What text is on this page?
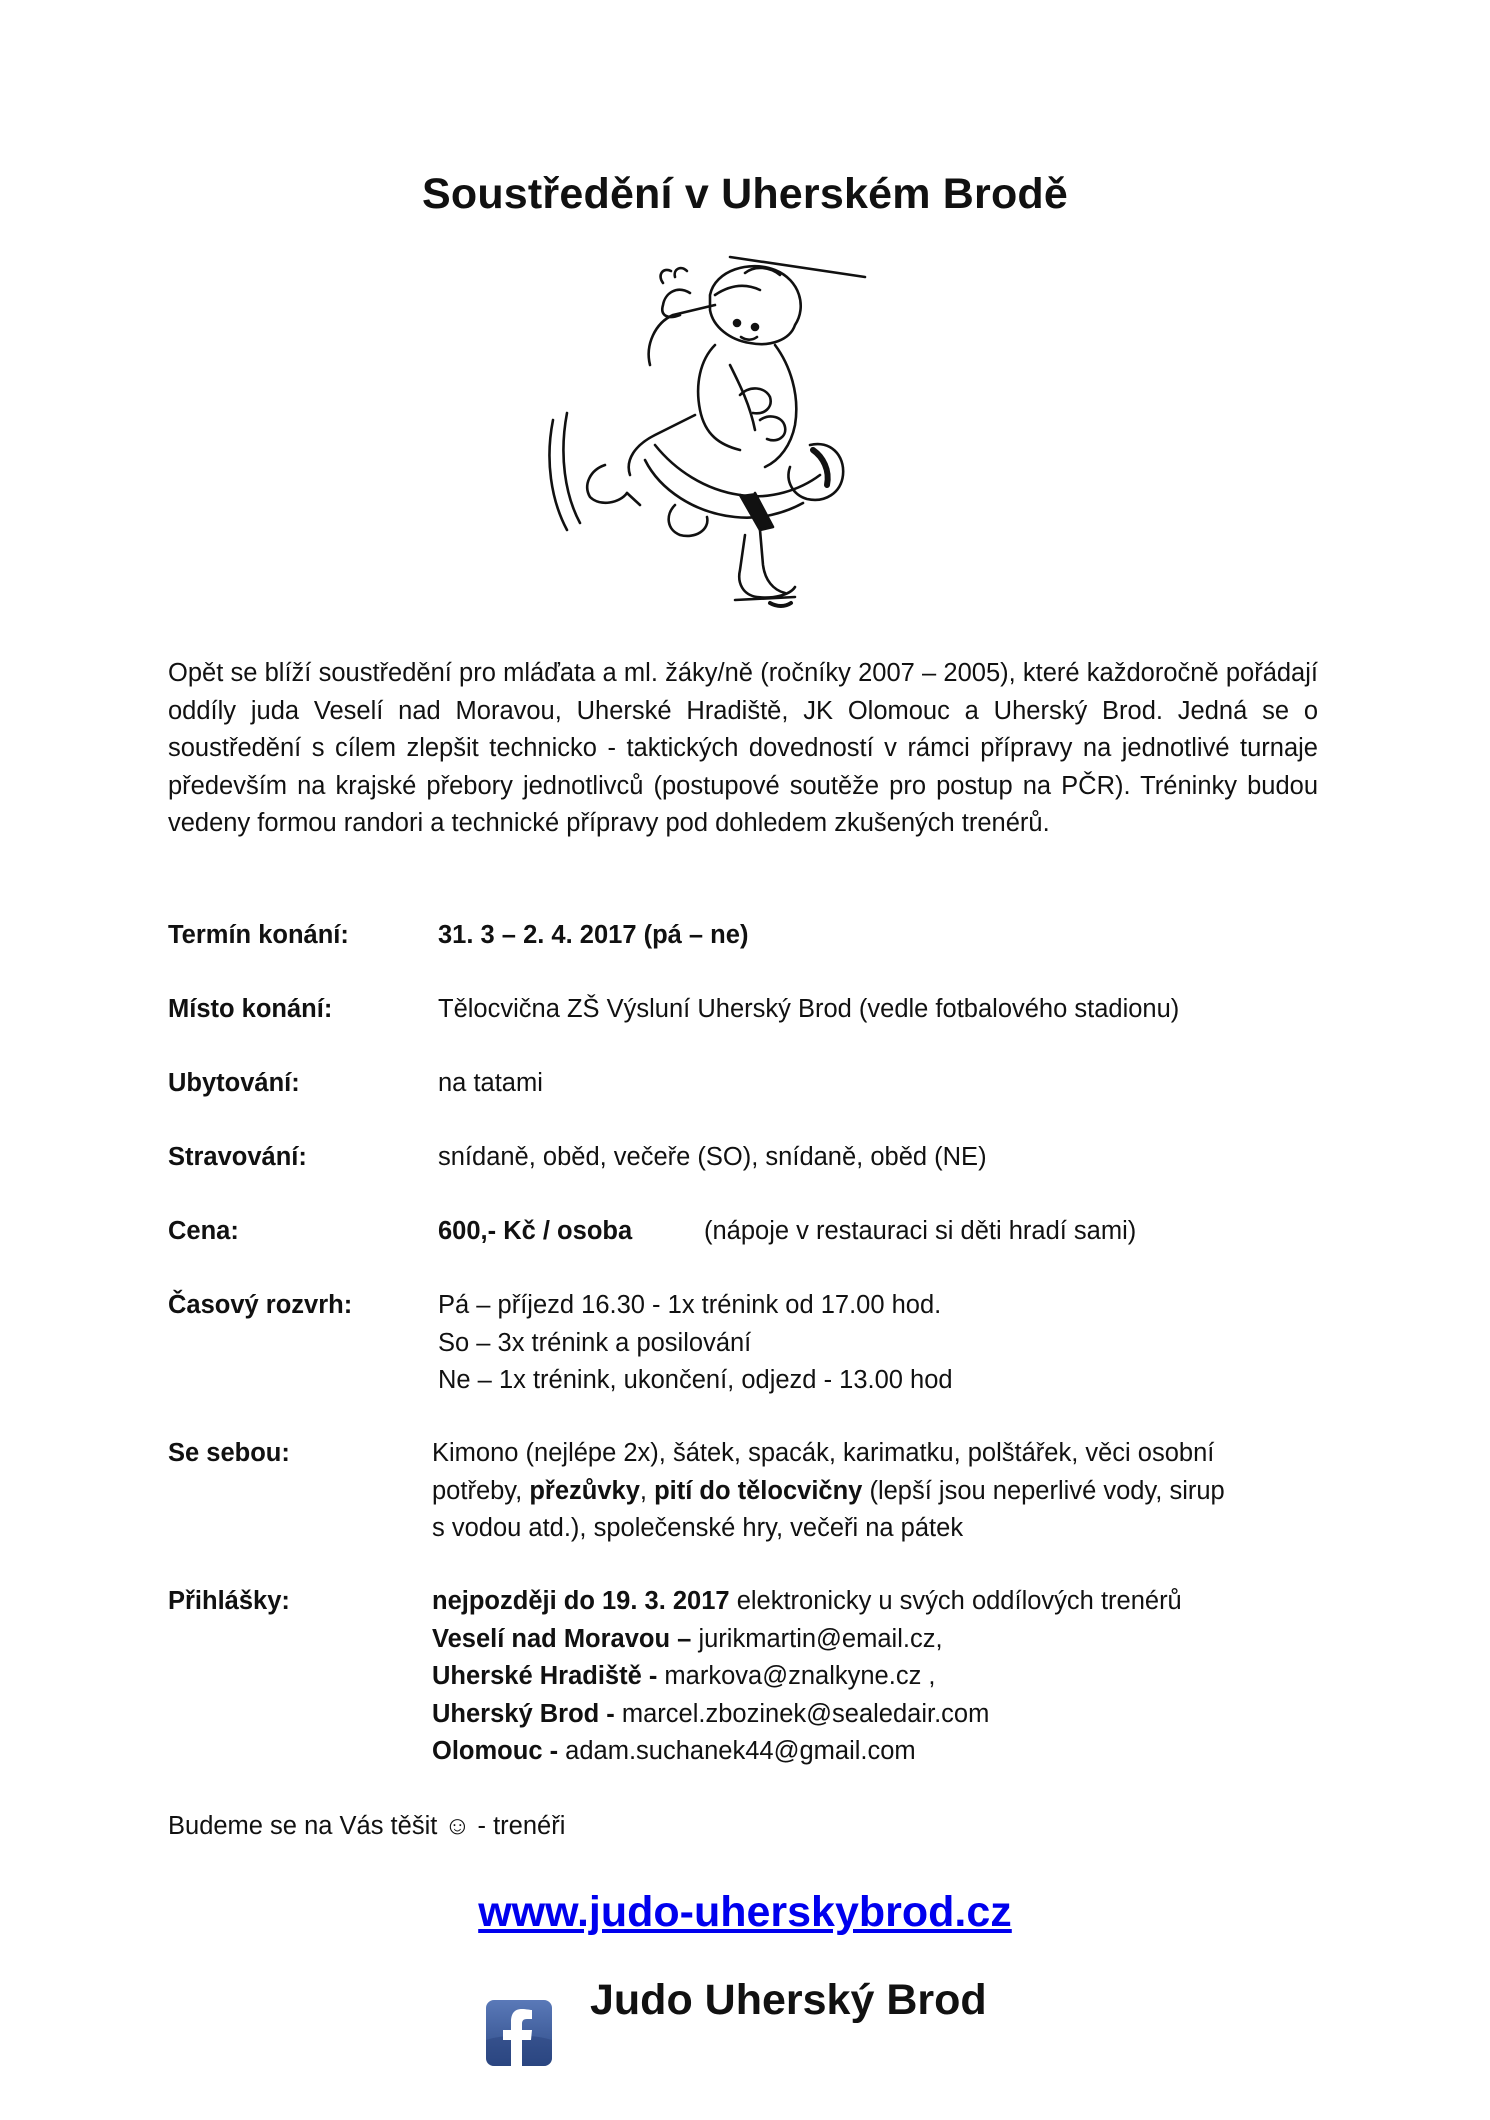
Soustředění v Uherském Brodě
Opět se blíží soustředění pro mláďata a ml. žáky/ně (ročníky 2007 – 2005), které každoročně pořádají oddíly juda Veselí nad Moravou, Uherské Hradiště, JK Olomouc a Uherský Brod. Jedná se o soustředění s cílem zlepšit technicko - taktických dovedností v rámci přípravy na jednotlivé turnaje především na krajské přebory jednotlivců (postupové soutěže pro postup na PČR). Tréninky budou vedeny formou randori a technické přípravy pod dohledem zkušených trenérů.
Termín konání:	31. 3 – 2. 4. 2017 (pá – ne)
Místo konání:	Tělocvična ZŠ Výsluní Uherský Brod (vedle fotbalového stadionu)
Ubytování:	na tatami
Stravování:	snídaně, oběd, večeře (SO), snídaně, oběd (NE)
Cena:	600,- Kč / osoba	(nápoje v restauraci si děti hradí sami)
Časový rozvrh:	Pá – příjezd 16.30 - 1x trénink od 17.00 hod.
So – 3x trénink a posilování
Ne – 1x trénink, ukončení, odjezd - 13.00 hod
Se sebou:	Kimono (nejlépe 2x), šátek, spacák, karimatku, polštářek, věci osobní
potřeby, přezůvky, pití do tělocvičny (lepší jsou neperlivé vody, sirup
s vodou atd.), společenské hry, večeři na pátek
Přihlášky:	nejpozději do 19. 3. 2017 elektronicky u svých oddílových trenérů
Veselí nad Moravou – jurikmartin@email.cz,
Uherské Hradiště - markova@znalkyne.cz ,
Uherský Brod - marcel.zbozinek@sealedair.com
Olomouc - adam.suchanek44@gmail.com
Budeme se na Vás těšit ☺ - trenéři
www.judo-uherskybrod.cz
Judo Uherský Brod
